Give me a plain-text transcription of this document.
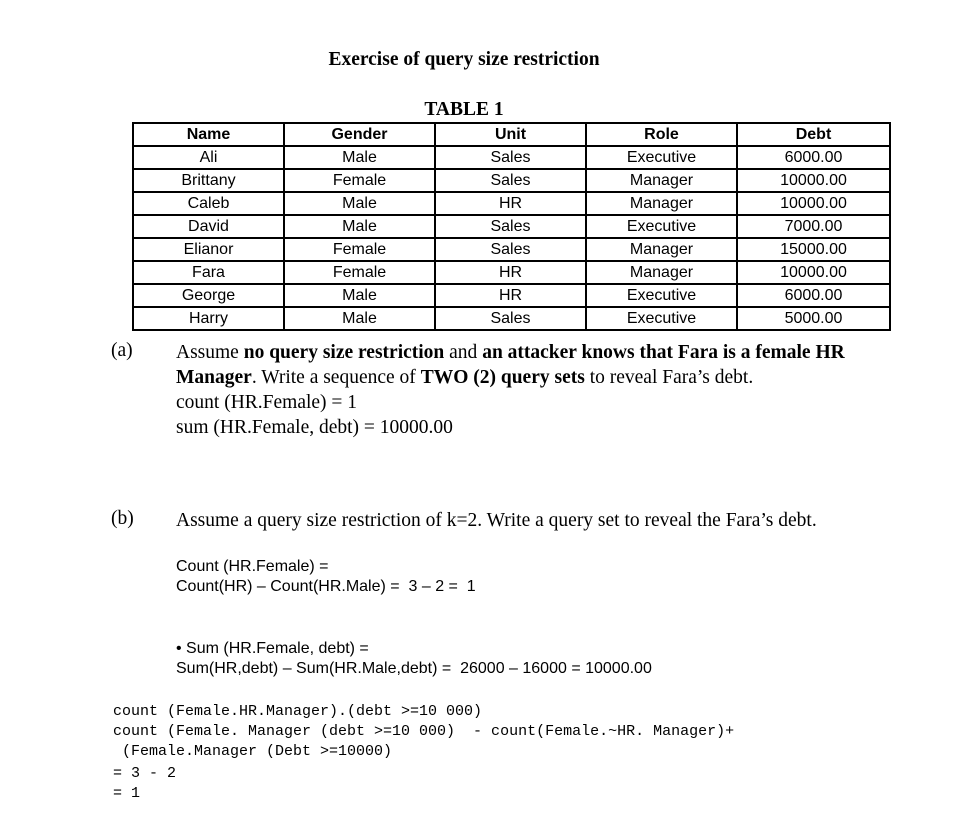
Exercise of query size restriction
TABLE 1
Name	Gender	Unit	Role	Debt
Ali	Male	Sales	Executive	6000.00
Brittany	Female	Sales	Manager	10000.00
Caleb	Male	HR	Manager	10000.00
David	Male	Sales	Executive	7000.00
Elianor	Female	Sales	Manager	15000.00
Fara	Female	HR	Manager	10000.00
George	Male	HR	Executive	6000.00
Harry	Male	Sales	Executive	5000.00
(a) Assume no query size restriction and an attacker knows that Fara is a female HR Manager. Write a sequence of TWO (2) query sets to reveal Fara’s debt.
count (HR.Female) = 1
sum (HR.Female, debt) = 10000.00
(b) Assume a query size restriction of k=2. Write a query set to reveal the Fara’s debt.
Count (HR.Female) =
Count(HR) – Count(HR.Male) =  3 – 2 =  1
• Sum (HR.Female, debt) =
Sum(HR,debt) – Sum(HR.Male,debt) =  26000 – 16000 = 10000.00
count (Female.HR.Manager).(debt >=10 000)
count (Female. Manager (debt >=10 000)  - count(Female.~HR. Manager)+
(Female.Manager (Debt >=10000)
= 3 - 2
= 1
